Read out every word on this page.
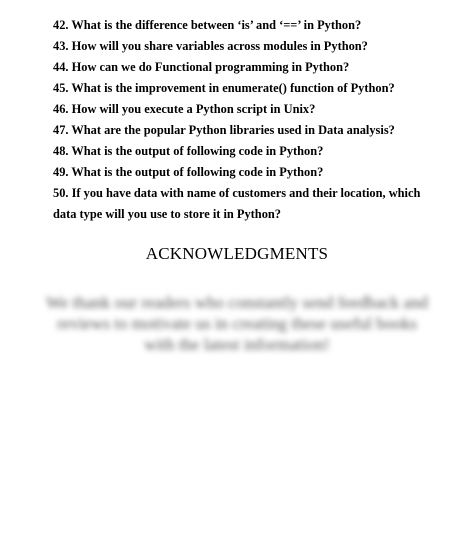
42. What is the difference between ‘is’ and ‘==’ in Python?
43. How will you share variables across modules in Python?
44. How can we do Functional programming in Python?
45. What is the improvement in enumerate() function of Python?
46. How will you execute a Python script in Unix?
47. What are the popular Python libraries used in Data analysis?
48. What is the output of following code in Python?
49. What is the output of following code in Python?
50. If you have data with name of customers and their location, which data type will you use to store it in Python?
ACKNOWLEDGMENTS

We thank our readers who constantly send feedback and reviews to motivate us in creating these useful books with the latest information!
